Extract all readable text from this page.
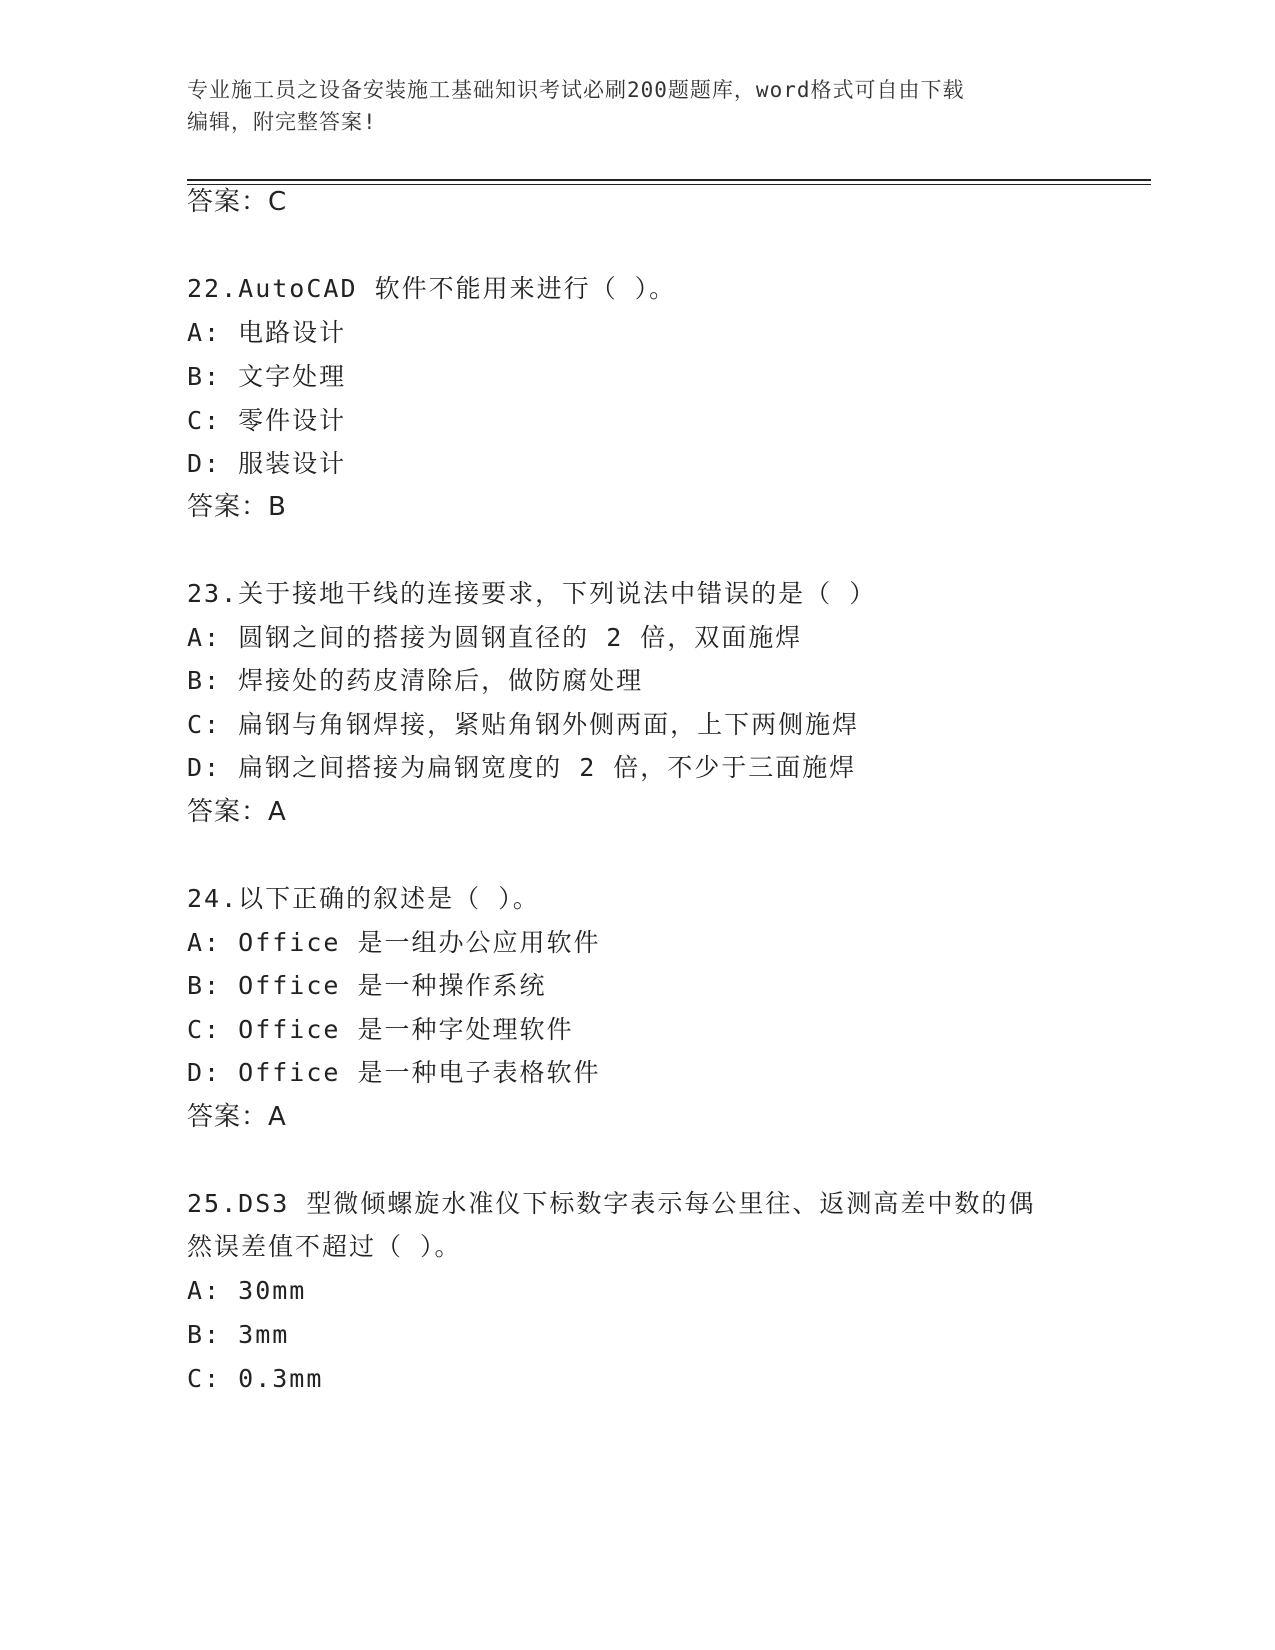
专业施工员之设备安装施工基础知识考试必刷200题题库，word格式可自由下载
编辑，附完整答案!
答案：C
22.AutoCAD 软件不能用来进行（ ）。
A: 电路设计
B: 文字处理
C: 零件设计
D: 服装设计
答案：B
23.关于接地干线的连接要求，下列说法中错误的是（ ）
A: 圆钢之间的搭接为圆钢直径的 2 倍，双面施焊
B: 焊接处的药皮清除后，做防腐处理
C: 扁钢与角钢焊接，紧贴角钢外侧两面，上下两侧施焊
D: 扁钢之间搭接为扁钢宽度的 2 倍，不少于三面施焊
答案：A
24.以下正确的叙述是（ ）。
A: Office 是一组办公应用软件
B: Office 是一种操作系统
C: Office 是一种字处理软件
D: Office 是一种电子表格软件
答案：A
25.DS3 型微倾螺旋水准仪下标数字表示每公里往、返测高差中数的偶
然误差值不超过（ ）。
A: 30mm
B: 3mm
C: 0.3mm
